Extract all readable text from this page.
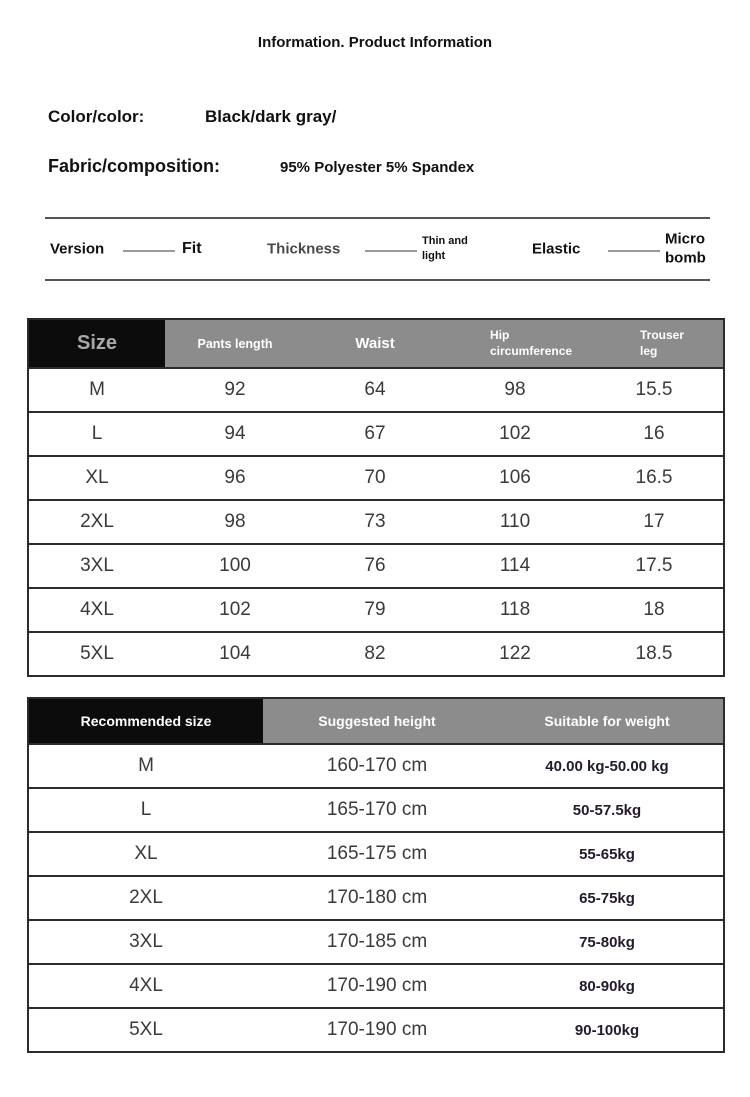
Information. Product Information
Color/color:	Black/dark gray/
Fabric/composition:	95% Polyester 5% Spandex
Version	Fit	Thickness	Thin and light	Elastic
Micro bomb
Size	Pants length	Waist	Hip circumference	Trouser leg
M	92	64	98	15.5
L	94	67	102	16
XL	96	70	106	16.5
2XL	98	73	110	17
3XL	100	76	114	17.5
4XL	102	79	118	18
5XL	104	82	122	18.5
Recommended size	Suggested height	Suitable for weight
M	160-170 cm	40.00 kg-50.00 kg
L	165-170 cm	50-57.5kg
XL	165-175 cm	55-65kg
2XL	170-180 cm	65-75kg
3XL	170-185 cm	75-80kg
4XL	170-190 cm	80-90kg
5XL	170-190 cm	90-100kg
